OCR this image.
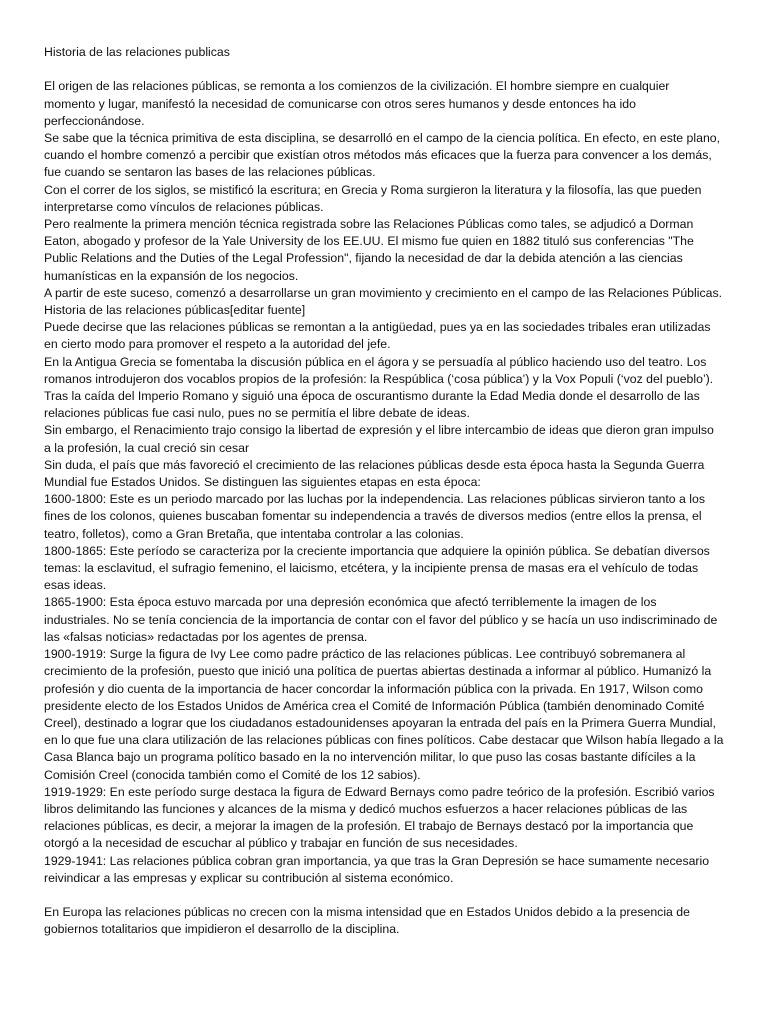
Historia de las relaciones publicas

El origen de las relaciones públicas, se remonta a los comienzos de la civilización. El hombre siempre en cualquier momento y lugar, manifestó la necesidad de comunicarse con otros seres humanos y desde entonces ha ido perfeccionándose.

Se sabe que la técnica primitiva de esta disciplina, se desarrolló en el campo de la ciencia política. En efecto, en este plano, cuando el hombre comenzó a percibir que existían otros métodos más eficaces que la fuerza para convencer a los demás, fue cuando se sentaron las bases de las relaciones públicas.

Con el correr de los siglos, se mistificó la escritura; en Grecia y Roma surgieron la literatura y la filosofía, las que pueden interpretarse como vínculos de relaciones públicas.

Pero realmente la primera mención técnica registrada sobre las Relaciones Públicas como tales, se adjudicó a Dorman Eaton, abogado y profesor de la Yale University de los EE.UU. El mismo fue quien en 1882 tituló sus conferencias "The Public Relations and the Duties of the Legal Profession", fijando la necesidad de dar la debida atención a las ciencias humanísticas en la expansión de los negocios.

A partir de este suceso, comenzó a desarrollarse un gran movimiento y crecimiento en el campo de las Relaciones Públicas.

Historia de las relaciones públicas[editar fuente]

Puede decirse que las relaciones públicas se remontan a la antigüedad, pues ya en las sociedades tribales eran utilizadas en cierto modo para promover el respeto a la autoridad del jefe.

En la Antigua Grecia se fomentaba la discusión pública en el ágora y se persuadía al público haciendo uso del teatro. Los romanos introdujeron dos vocablos propios de la profesión: la Respública (‘cosa pública’) y la Vox Populi (‘voz del pueblo’). Tras la caída del Imperio Romano y siguió una época de oscurantismo durante la Edad Media donde el desarrollo de las relaciones públicas fue casi nulo, pues no se permitía el libre debate de ideas.

Sin embargo, el Renacimiento trajo consigo la libertad de expresión y el libre intercambio de ideas que dieron gran impulso a la profesión, la cual creció sin cesar

Sin duda, el país que más favoreció el crecimiento de las relaciones públicas desde esta época hasta la Segunda Guerra Mundial fue Estados Unidos. Se distinguen las siguientes etapas en esta época:

1600-1800: Este es un periodo marcado por las luchas por la independencia. Las relaciones públicas sirvieron tanto a los fines de los colonos, quienes buscaban fomentar su independencia a través de diversos medios (entre ellos la prensa, el teatro, folletos), como a Gran Bretaña, que intentaba controlar a las colonias.

1800-1865: Este período se caracteriza por la creciente importancia que adquiere la opinión pública. Se debatían diversos temas: la esclavitud, el sufragio femenino, el laicismo, etcétera, y la incipiente prensa de masas era el vehículo de todas esas ideas.

1865-1900: Esta época estuvo marcada por una depresión económica que afectó terriblemente la imagen de los industriales. No se tenía conciencia de la importancia de contar con el favor del público y se hacía un uso indiscriminado de las «falsas noticias» redactadas por los agentes de prensa.

1900-1919: Surge la figura de Ivy Lee como padre práctico de las relaciones públicas. Lee contribuyó sobremanera al crecimiento de la profesión, puesto que inició una política de puertas abiertas destinada a informar al público. Humanizó la profesión y dio cuenta de la importancia de hacer concordar la información pública con la privada. En 1917, Wilson como presidente electo de los Estados Unidos de América crea el Comité de Información Pública (también denominado Comité Creel), destinado a lograr que los ciudadanos estadounidenses apoyaran la entrada del país en la Primera Guerra Mundial, en lo que fue una clara utilización de las relaciones públicas con fines políticos. Cabe destacar que Wilson había llegado a la Casa Blanca bajo un programa político basado en la no intervención militar, lo que puso las cosas bastante difíciles a la Comisión Creel (conocida también como el Comité de los 12 sabios).

1919-1929: En este período surge destaca la figura de Edward Bernays como padre teórico de la profesión. Escribió varios libros delimitando las funciones y alcances de la misma y dedicó muchos esfuerzos a hacer relaciones públicas de las relaciones públicas, es decir, a mejorar la imagen de la profesión. El trabajo de Bernays destacó por la importancia que otorgó a la necesidad de escuchar al público y trabajar en función de sus necesidades.

1929-1941: Las relaciones pública cobran gran importancia, ya que tras la Gran Depresión se hace sumamente necesario reivindicar a las empresas y explicar su contribución al sistema económico.

En Europa las relaciones públicas no crecen con la misma intensidad que en Estados Unidos debido a la presencia de gobiernos totalitarios que impidieron el desarrollo de la disciplina.
